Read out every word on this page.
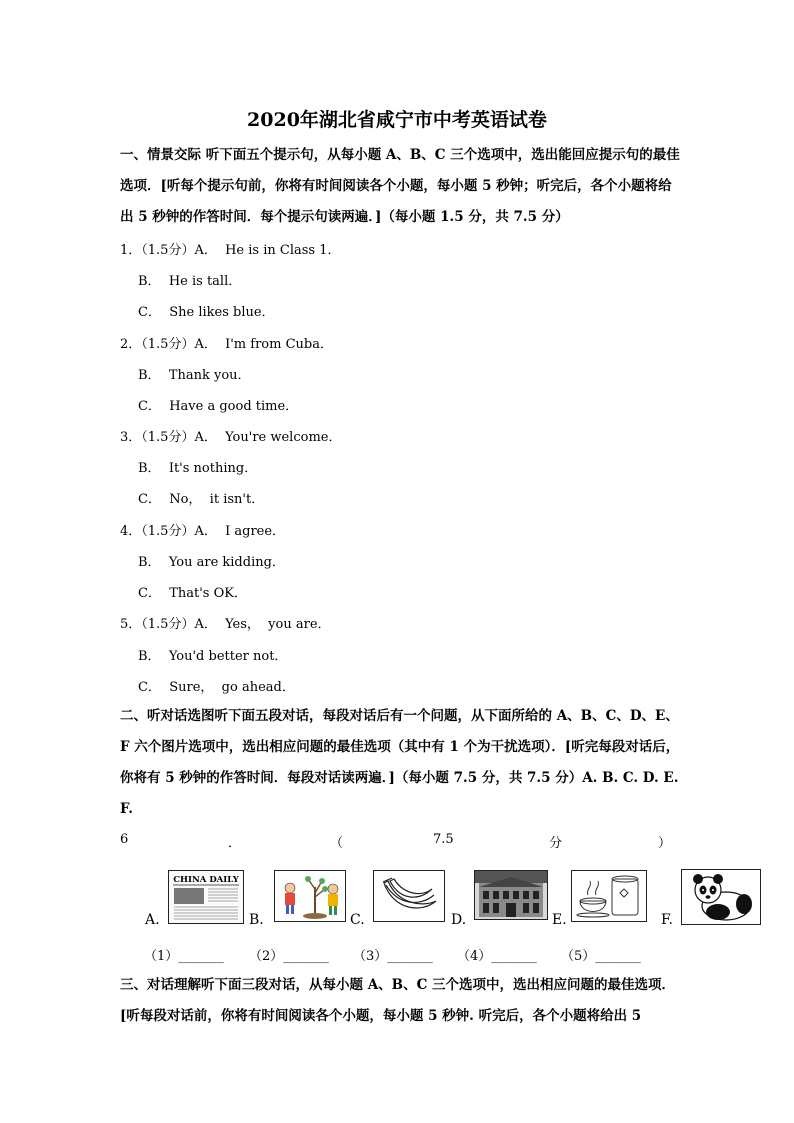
2020年湖北省咸宁市中考英语试卷
一、情景交际 听下面五个提示句，从每小题 A、B、C 三个选项中，选出能回应提示句的最佳选项．[听每个提示句前，你将有时间阅读各个小题，每小题 5 秒钟；听完后，各个小题将给出 5 秒钟的作答时间．每个提示句读两遍．]（每小题 1.5 分，共 7.5 分）
1．（1.5分）A．  He is in Class 1．
B．  He is tall．
C．  She likes blue．
2．（1.5分）A．  I'm from Cuba．
B．  Thank you．
C．  Have a good time．
3．（1.5分）A．  You're welcome．
B．  It's nothing．
C．  No，  it isn't．
4．（1.5分）A．  I agree．
B．  You are kidding．
C．  That's OK．
5．（1.5分）A．  Yes，  you are．
B．  You'd better not．
C．  Sure，  go ahead．
二、听对话选图听下面五段对话，每段对话后有一个问题，从下面所给的 A、B、C、D、E、F 六个图片选项中，选出相应问题的最佳选项（其中有 1 个为干扰选项）．[听完每段对话后，你将有 5 秒钟的作答时间．每段对话读两遍．]（每小题 7.5 分，共 7.5 分）A. B. C. D. E. F.
6	．	（	7.5	分	）
A.	B.	C.	D.	E.	F.
CHINA DAILY
（1）_______ （2）_______ （3）_______ （4）_______ （5）_______
三、对话理解听下面三段对话，从每小题 A、B、C 三个选项中，选出相应问题的最佳选项．[听每段对话前，你将有时间阅读各个小题，每小题 5 秒钟. 听完后，各个小题将给出 5
